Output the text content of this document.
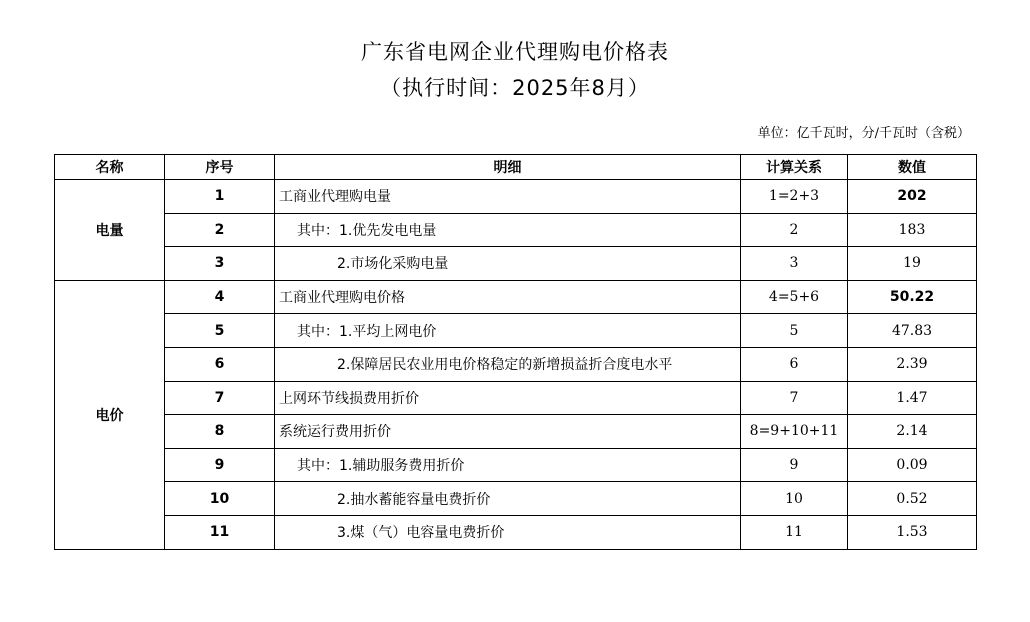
广东省电网企业代理购电价格表
（执行时间：2025年8月）
单位：亿千瓦时，分/千瓦时（含税）
名称	序号	明细	计算关系	数值
电量	1	工商业代理购电量	1=2+3	202
	2	其中：1.优先发电电量	2	183
	3	2.市场化采购电量	3	19
电价	4	工商业代理购电价格	4=5+6	50.22
	5	其中：1.平均上网电价	5	47.83
	6	2.保障居民农业用电价格稳定的新增损益折合度电水平	6	2.39
	7	上网环节线损费用折价	7	1.47
	8	系统运行费用折价	8=9+10+11	2.14
	9	其中：1.辅助服务费用折价	9	0.09
	10	2.抽水蓄能容量电费折价	10	0.52
	11	3.煤（气）电容量电费折价	11	1.53
